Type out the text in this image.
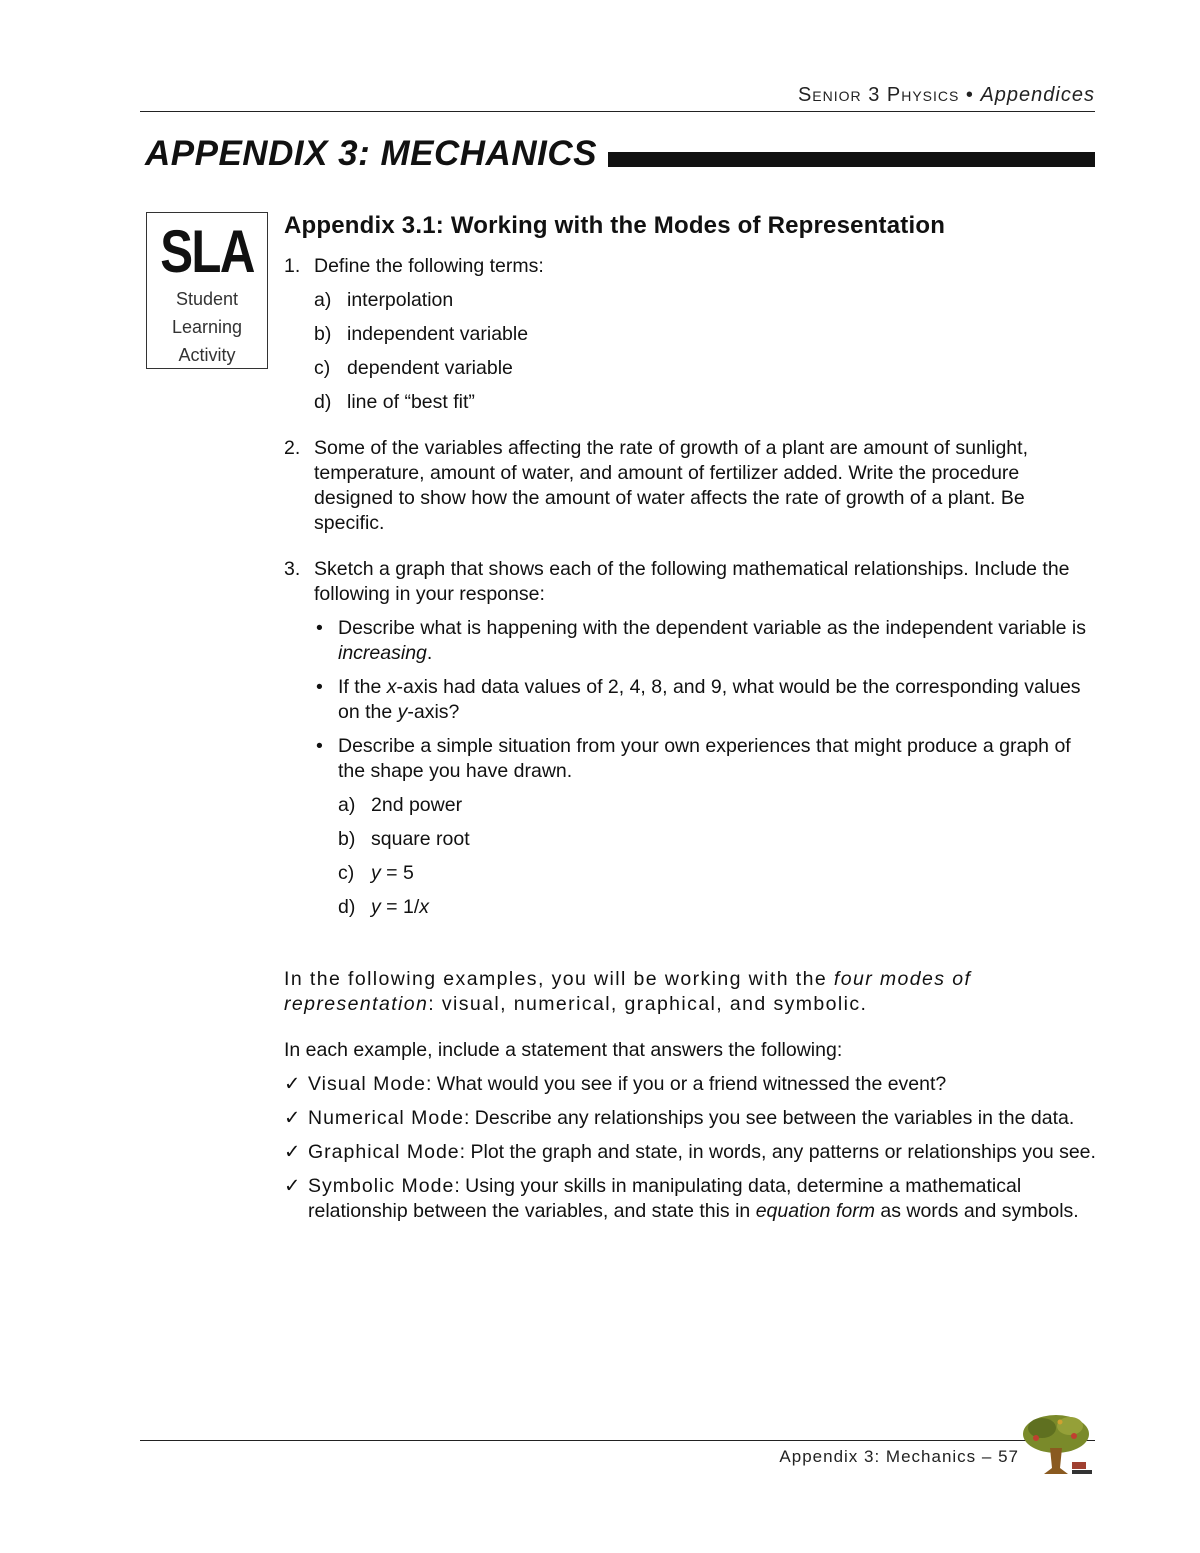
Senior 3 Physics • Appendices
APPENDIX 3: MECHANICS
SLA
Student
Learning
Activity
Appendix 3.1: Working with the Modes of Representation
1. Define the following terms:
a) interpolation
b) independent variable
c) dependent variable
d) line of “best fit”
2. Some of the variables affecting the rate of growth of a plant are amount of sunlight, temperature, amount of water, and amount of fertilizer added. Write the procedure designed to show how the amount of water affects the rate of growth of a plant. Be specific.
3. Sketch a graph that shows each of the following mathematical relationships. Include the following in your response:
• Describe what is happening with the dependent variable as the independent variable is increasing.
• If the x-axis had data values of 2, 4, 8, and 9, what would be the corresponding values on the y-axis?
• Describe a simple situation from your own experiences that might produce a graph of the shape you have drawn.
a) 2nd power
b) square root
c) y = 5
d) y = 1/x
In the following examples, you will be working with the four modes of representation: visual, numerical, graphical, and symbolic.
In each example, include a statement that answers the following:
✓ Visual Mode: What would you see if you or a friend witnessed the event?
✓ Numerical Mode: Describe any relationships you see between the variables in the data.
✓ Graphical Mode: Plot the graph and state, in words, any patterns or relationships you see.
✓ Symbolic Mode: Using your skills in manipulating data, determine a mathematical relationship between the variables, and state this in equation form as words and symbols.
Appendix 3: Mechanics – 57
